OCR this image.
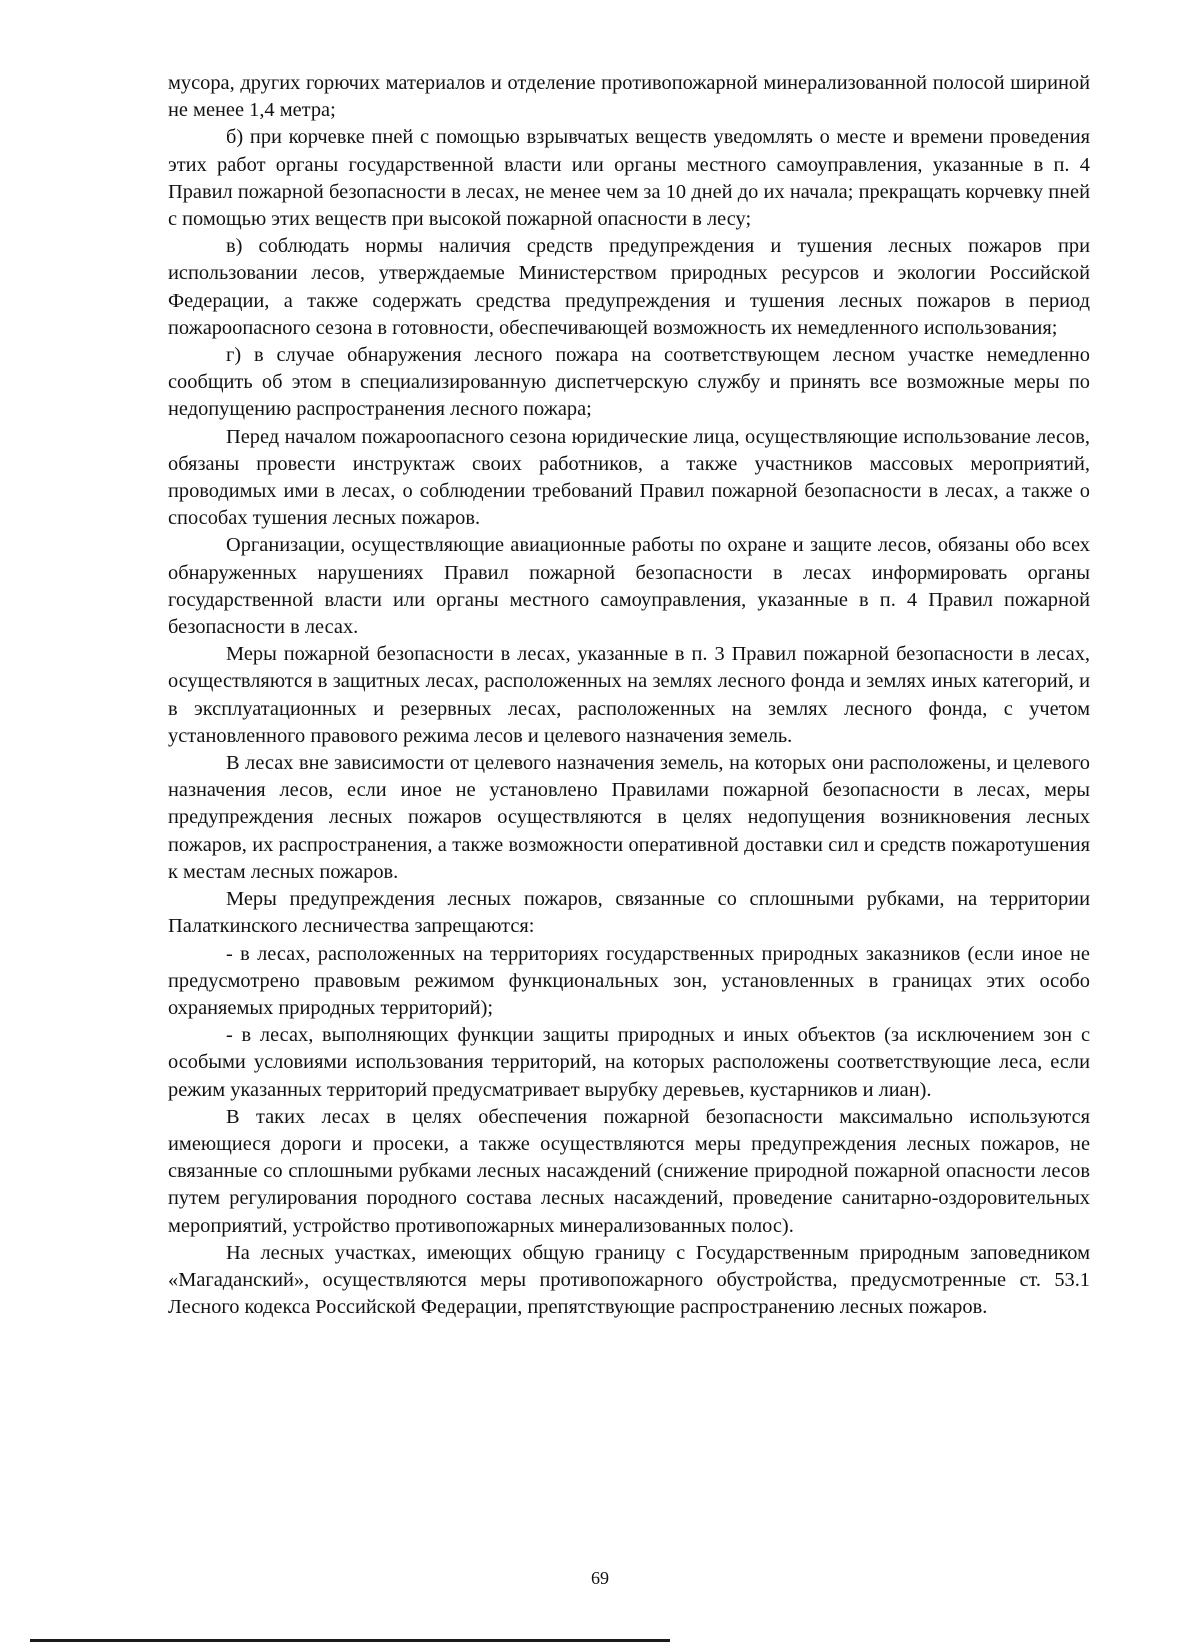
мусора, других горючих материалов и отделение противопожарной минерализованной полосой шириной не менее 1,4 метра;

б) при корчевке пней с помощью взрывчатых веществ уведомлять о месте и времени проведения этих работ органы государственной власти или органы местного самоуправления, указанные в п. 4 Правил пожарной безопасности в лесах, не менее чем за 10 дней до их начала; прекращать корчевку пней с помощью этих веществ при высокой пожарной опасности в лесу;

в) соблюдать нормы наличия средств предупреждения и тушения лесных пожаров при использовании лесов, утверждаемые Министерством природных ресурсов и экологии Российской Федерации, а также содержать средства предупреждения и тушения лесных пожаров в период пожароопасного сезона в готовности, обеспечивающей возможность их немедленного использования;

г) в случае обнаружения лесного пожара на соответствующем лесном участке немедленно сообщить об этом в специализированную диспетчерскую службу и принять все возможные меры по недопущению распространения лесного пожара;

Перед началом пожароопасного сезона юридические лица, осуществляющие использование лесов, обязаны провести инструктаж своих работников, а также участников массовых мероприятий, проводимых ими в лесах, о соблюдении требований Правил пожарной безопасности в лесах, а также о способах тушения лесных пожаров.

Организации, осуществляющие авиационные работы по охране и защите лесов, обязаны обо всех обнаруженных нарушениях Правил пожарной безопасности в лесах информировать органы государственной власти или органы местного самоуправления, указанные в п. 4 Правил пожарной безопасности в лесах.

Меры пожарной безопасности в лесах, указанные в п. 3 Правил пожарной безопасности в лесах, осуществляются в защитных лесах, расположенных на землях лесного фонда и землях иных категорий, и в эксплуатационных и резервных лесах, расположенных на землях лесного фонда, с учетом установленного правового режима лесов и целевого назначения земель.

В лесах вне зависимости от целевого назначения земель, на которых они расположены, и целевого назначения лесов, если иное не установлено Правилами пожарной безопасности в лесах, меры предупреждения лесных пожаров осуществляются в целях недопущения возникновения лесных пожаров, их распространения, а также возможности оперативной доставки сил и средств пожаротушения к местам лесных пожаров.

Меры предупреждения лесных пожаров, связанные со сплошными рубками, на территории Палаткинского лесничества запрещаются:

- в лесах, расположенных на территориях государственных природных заказников (если иное не предусмотрено правовым режимом функциональных зон, установленных в границах этих особо охраняемых природных территорий);

- в лесах, выполняющих функции защиты природных и иных объектов (за исключением зон с особыми условиями использования территорий, на которых расположены соответствующие леса, если режим указанных территорий предусматривает вырубку деревьев, кустарников и лиан).

В таких лесах в целях обеспечения пожарной безопасности максимально используются имеющиеся дороги и просеки, а также осуществляются меры предупреждения лесных пожаров, не связанные со сплошными рубками лесных насаждений (снижение природной пожарной опасности лесов путем регулирования породного состава лесных насаждений, проведение санитарно-оздоровительных мероприятий, устройство противопожарных минерализованных полос).

На лесных участках, имеющих общую границу с Государственным природным заповедником «Магаданский», осуществляются меры противопожарного обустройства, предусмотренные ст. 53.1 Лесного кодекса Российской Федерации, препятствующие распространению лесных пожаров.

69
